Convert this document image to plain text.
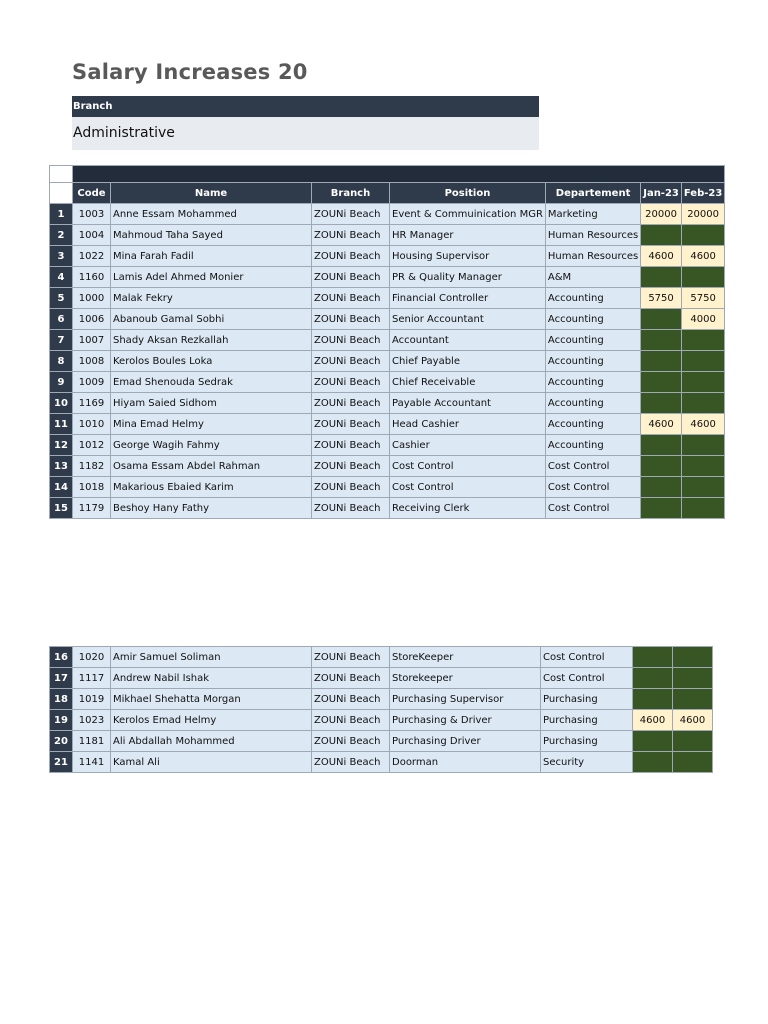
Salary Increases 20
Branch
Administrative

	Code	Name	Branch	Position	Departement	Jan-23	Feb-23
1	1003	Anne Essam Mohammed	ZOUNi Beach	Event & Commuinication MGR	Marketing	20000	20000
2	1004	Mahmoud Taha Sayed	ZOUNi Beach	HR Manager	Human Resources		
3	1022	Mina Farah Fadil	ZOUNi Beach	Housing Supervisor	Human Resources	4600	4600
4	1160	Lamis Adel Ahmed Monier	ZOUNi Beach	PR & Quality Manager	A&M		
5	1000	Malak Fekry	ZOUNi Beach	Financial Controller	Accounting	5750	5750
6	1006	Abanoub Gamal Sobhi	ZOUNi Beach	Senior Accountant	Accounting		4000
7	1007	Shady Aksan Rezkallah	ZOUNi Beach	Accountant	Accounting		
8	1008	Kerolos Boules Loka	ZOUNi Beach	Chief Payable	Accounting		
9	1009	Emad Shenouda Sedrak	ZOUNi Beach	Chief Receivable	Accounting		
10	1169	Hiyam Saied Sidhom	ZOUNi Beach	Payable Accountant	Accounting		
11	1010	Mina Emad Helmy	ZOUNi Beach	Head Cashier	Accounting	4600	4600
12	1012	George Wagih Fahmy	ZOUNi Beach	Cashier	Accounting		
13	1182	Osama Essam Abdel Rahman	ZOUNi Beach	Cost Control	Cost Control		
14	1018	Makarious Ebaied Karim	ZOUNi Beach	Cost Control	Cost Control		
15	1179	Beshoy Hany Fathy	ZOUNi Beach	Receiving Clerk	Cost Control		
16	1020	Amir Samuel Soliman	ZOUNi Beach	StoreKeeper	Cost Control		
17	1117	Andrew Nabil Ishak	ZOUNi Beach	Storekeeper	Cost Control		
18	1019	Mikhael Shehatta Morgan	ZOUNi Beach	Purchasing Supervisor	Purchasing		
19	1023	Kerolos Emad Helmy	ZOUNi Beach	Purchasing & Driver	Purchasing	4600	4600
20	1181	Ali Abdallah Mohammed	ZOUNi Beach	Purchasing Driver	Purchasing		
21	1141	Kamal Ali	ZOUNi Beach	Doorman	Security		
